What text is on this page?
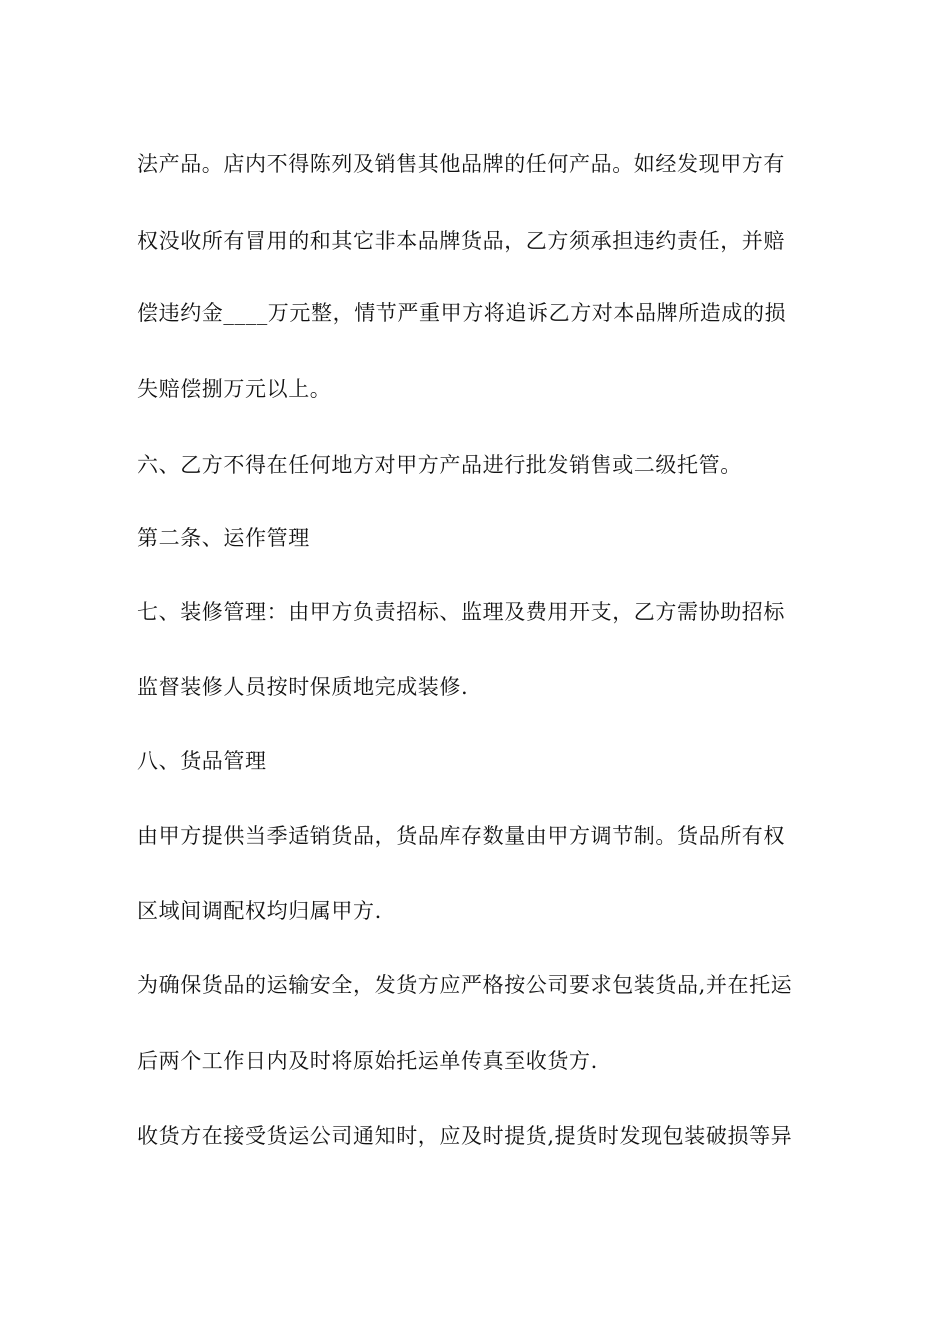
法产品。店内不得陈列及销售其他品牌的任何产品。如经发现甲方有
权没收所有冒用的和其它非本品牌货品，乙方须承担违约责任，并赔
偿违约金____万元整，情节严重甲方将追诉乙方对本品牌所造成的损
失赔偿捌万元以上。
六、乙方不得在任何地方对甲方产品进行批发销售或二级托管。
第二条、运作管理
七、装修管理：由甲方负责招标、监理及费用开支，乙方需协助招标
监督装修人员按时保质地完成装修.
八、货品管理
由甲方提供当季适销货品，货品库存数量由甲方调节制。货品所有权
区域间调配权均归属甲方.
为确保货品的运输安全，发货方应严格按公司要求包装货品,并在托运
后两个工作日内及时将原始托运单传真至收货方.
收货方在接受货运公司通知时，应及时提货,提货时发现包装破损等异
